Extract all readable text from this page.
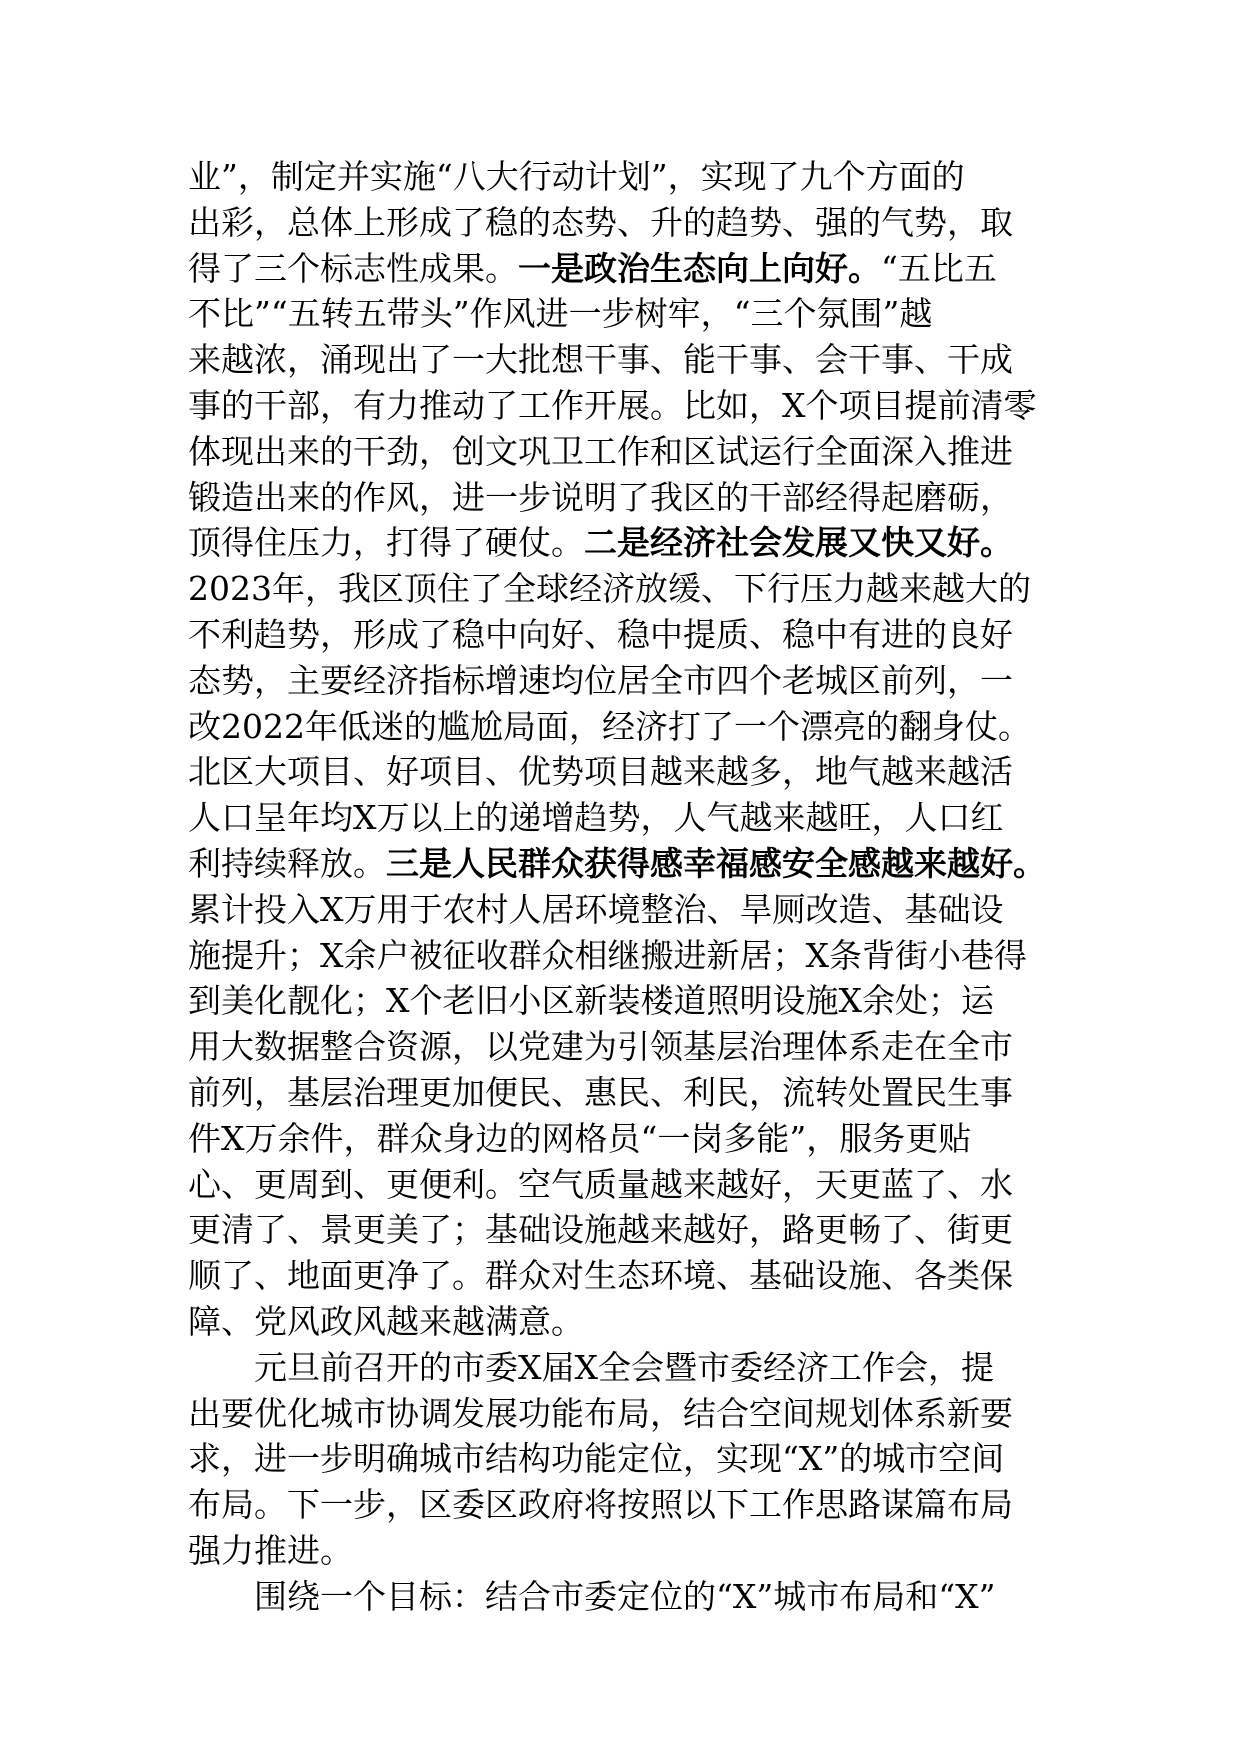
业”，制定并实施“八大行动计划”，实现了九个方面的
出彩，总体上形成了稳的态势、升的趋势、强的气势，取
得了三个标志性成果。一是政治生态向上向好。“五比五
不比”“五转五带头”作风进一步树牢，“三个氛围”越
来越浓，涌现出了一大批想干事、能干事、会干事、干成
事的干部，有力推动了工作开展。比如，X个项目提前清零
体现出来的干劲，创文巩卫工作和区试运行全面深入推进
锻造出来的作风，进一步说明了我区的干部经得起磨砺，
顶得住压力，打得了硬仗。二是经济社会发展又快又好。
2023年，我区顶住了全球经济放缓、下行压力越来越大的
不利趋势，形成了稳中向好、稳中提质、稳中有进的良好
态势，主要经济指标增速均位居全市四个老城区前列，一
改2022年低迷的尴尬局面，经济打了一个漂亮的翻身仗。
北区大项目、好项目、优势项目越来越多，地气越来越活
人口呈年均X万以上的递增趋势，人气越来越旺，人口红
利持续释放。三是人民群众获得感幸福感安全感越来越好。
累计投入X万用于农村人居环境整治、旱厕改造、基础设
施提升；X余户被征收群众相继搬进新居；X条背街小巷得
到美化靓化；X个老旧小区新装楼道照明设施X余处；运
用大数据整合资源，以党建为引领基层治理体系走在全市
前列，基层治理更加便民、惠民、利民，流转处置民生事
件X万余件，群众身边的网格员“一岗多能”，服务更贴
心、更周到、更便利。空气质量越来越好，天更蓝了、水
更清了、景更美了；基础设施越来越好，路更畅了、街更
顺了、地面更净了。群众对生态环境、基础设施、各类保
障、党风政风越来越满意。
元旦前召开的市委X届X全会暨市委经济工作会，提
出要优化城市协调发展功能布局，结合空间规划体系新要
求，进一步明确城市结构功能定位，实现“X”的城市空间
布局。下一步，区委区政府将按照以下工作思路谋篇布局
强力推进。
围绕一个目标：结合市委定位的“X”城市布局和“X”
